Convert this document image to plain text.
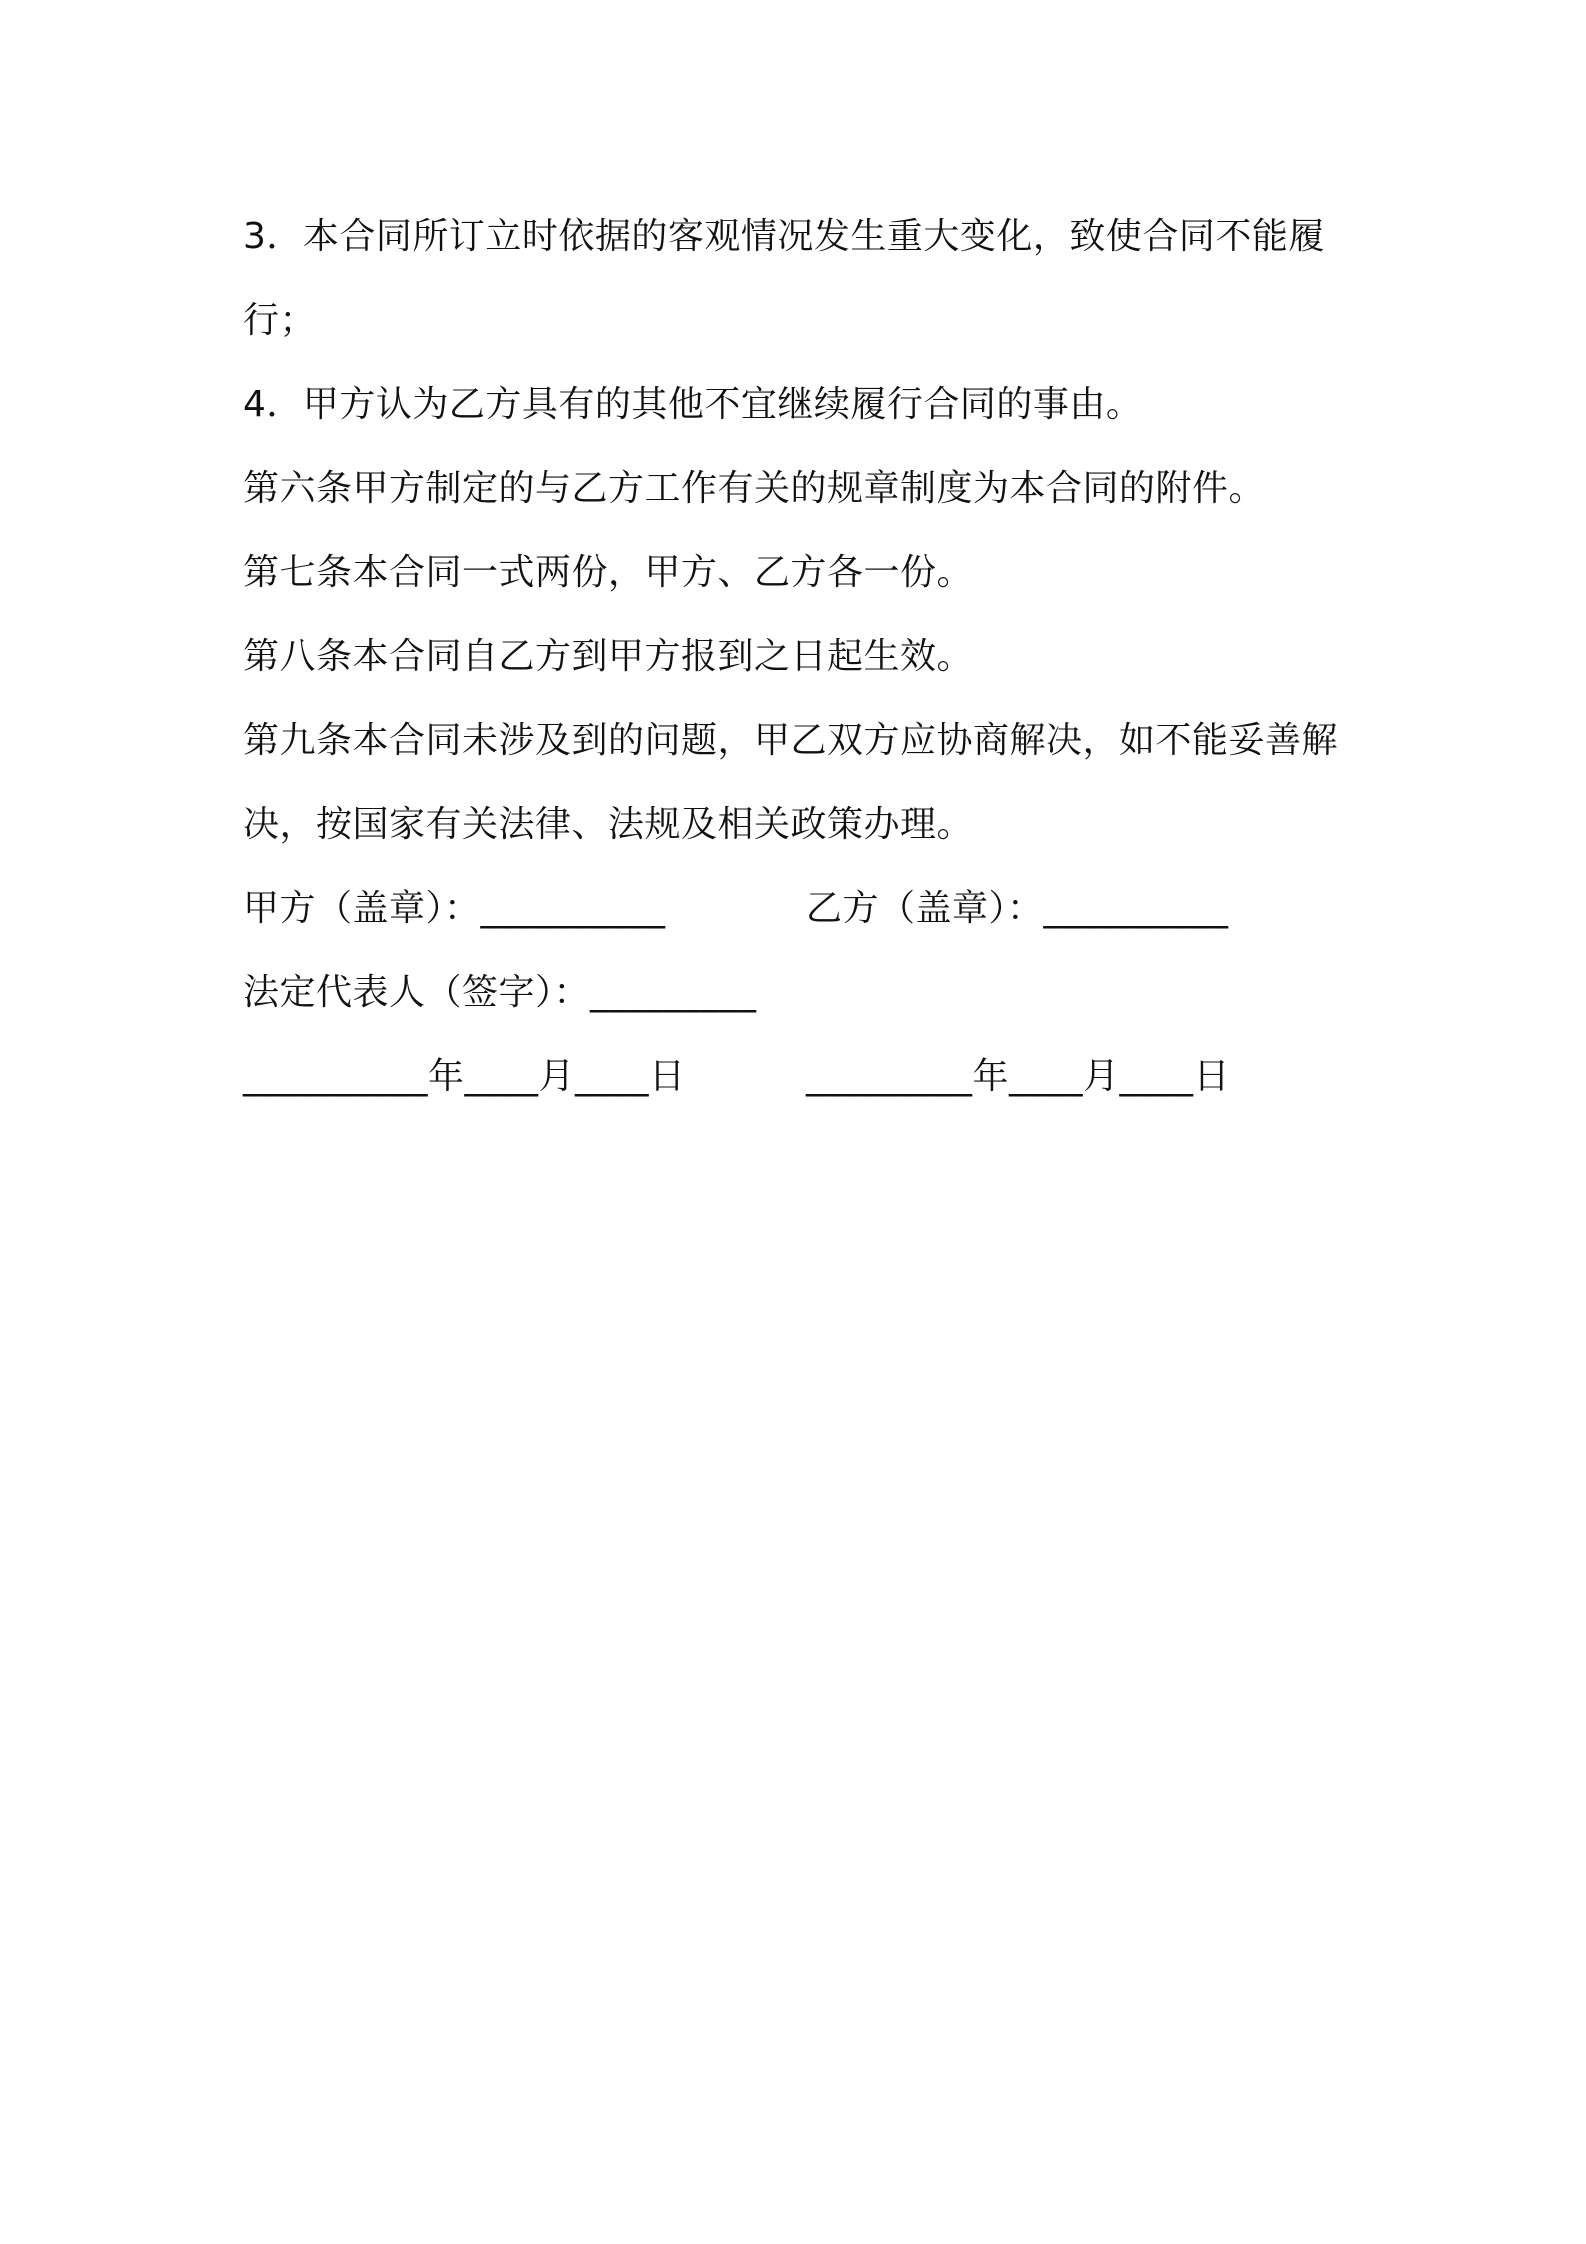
3．本合同所订立时依据的客观情况发生重大变化，致使合同不能履行；

4．甲方认为乙方具有的其他不宜继续履行合同的事由。

第六条甲方制定的与乙方工作有关的规章制度为本合同的附件。

第七条本合同一式两份，甲方、乙方各一份。

第八条本合同自乙方到甲方报到之日起生效。

第九条本合同未涉及到的问题，甲乙双方应协商解决，如不能妥善解决，按国家有关法律、法规及相关政策办理。

甲方（盖章）：__________	乙方（盖章）：__________
法定代表人（签字）：_________
__________年____月____日	_________年____月____日
